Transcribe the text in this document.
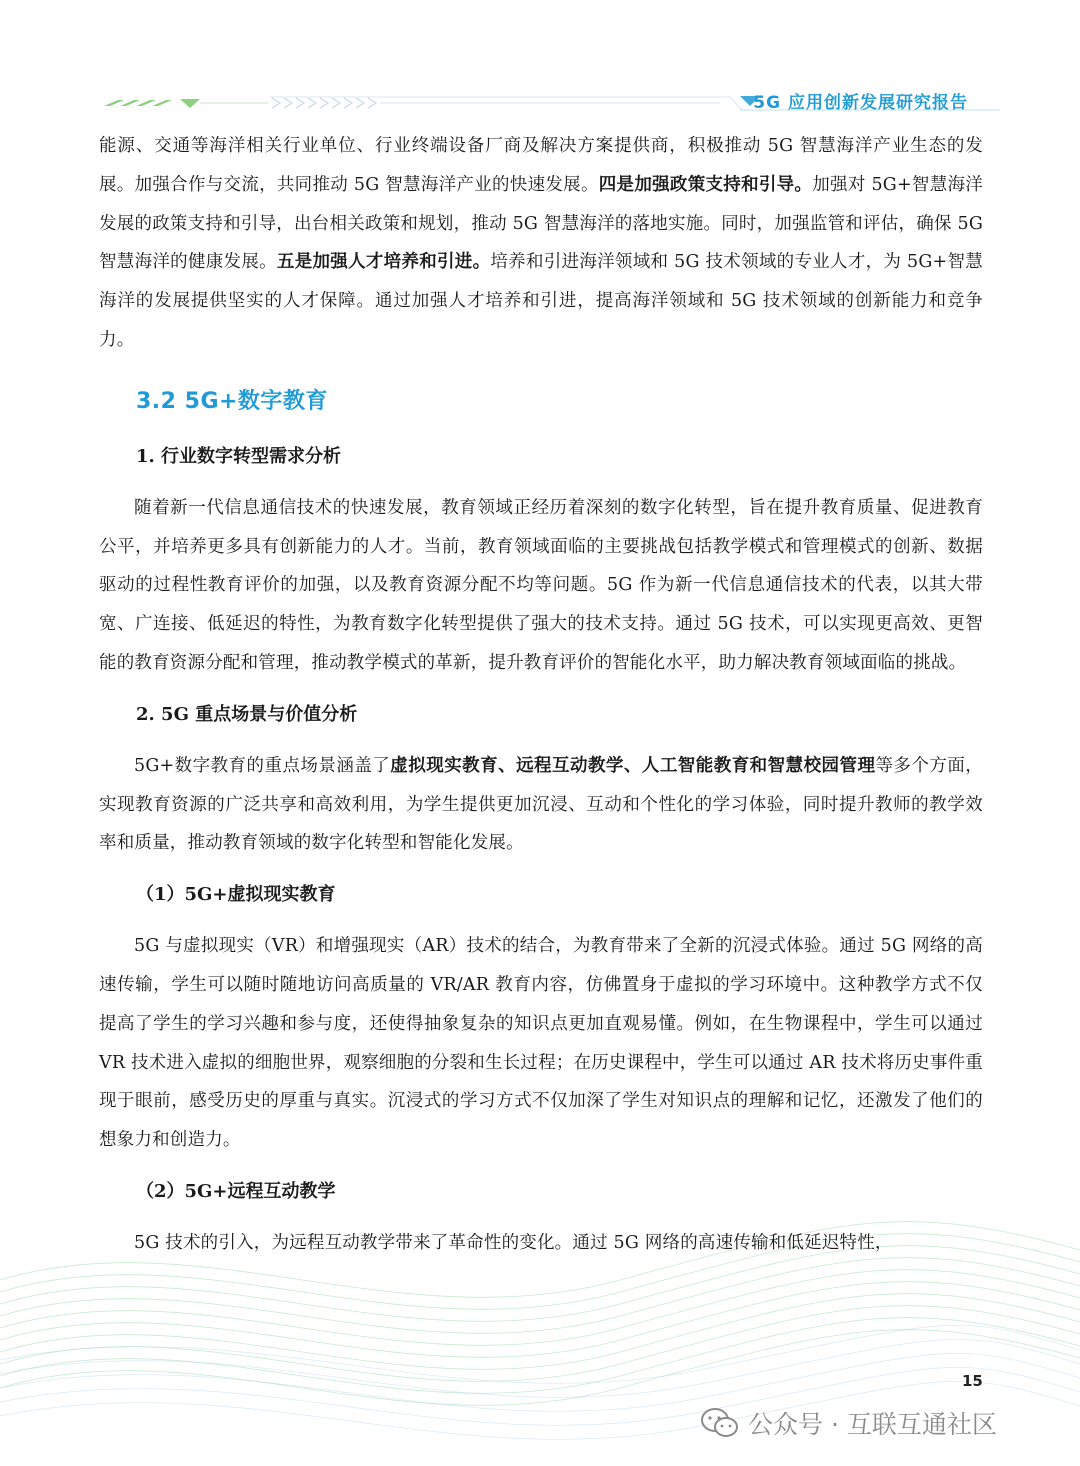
5G 应用创新发展研究报告

能源、交通等海洋相关行业单位、行业终端设备厂商及解决方案提供商，积极推动 5G 智慧海洋产业生态的发展。加强合作与交流，共同推动 5G 智慧海洋产业的快速发展。四是加强政策支持和引导。加强对 5G+智慧海洋发展的政策支持和引导，出台相关政策和规划，推动 5G 智慧海洋的落地实施。同时，加强监管和评估，确保 5G 智慧海洋的健康发展。五是加强人才培养和引进。培养和引进海洋领域和 5G 技术领域的专业人才，为 5G+智慧海洋的发展提供坚实的人才保障。通过加强人才培养和引进，提高海洋领域和 5G 技术领域的创新能力和竞争力。

3.2 5G+数字教育
1. 行业数字转型需求分析

随着新一代信息通信技术的快速发展，教育领域正经历着深刻的数字化转型，旨在提升教育质量、促进教育公平，并培养更多具有创新能力的人才。当前，教育领域面临的主要挑战包括教学模式和管理模式的创新、数据驱动的过程性教育评价的加强，以及教育资源分配不均等问题。5G 作为新一代信息通信技术的代表，以其大带宽、广连接、低延迟的特性，为教育数字化转型提供了强大的技术支持。通过 5G 技术，可以实现更高效、更智能的教育资源分配和管理，推动教学模式的革新，提升教育评价的智能化水平，助力解决教育领域面临的挑战。

2. 5G 重点场景与价值分析

5G+数字教育的重点场景涵盖了虚拟现实教育、远程互动教学、人工智能教育和智慧校园管理等多个方面，实现教育资源的广泛共享和高效利用，为学生提供更加沉浸、互动和个性化的学习体验，同时提升教师的教学效率和质量，推动教育领域的数字化转型和智能化发展。

（1）5G+虚拟现实教育

5G 与虚拟现实（VR）和增强现实（AR）技术的结合，为教育带来了全新的沉浸式体验。通过 5G 网络的高速传输，学生可以随时随地访问高质量的 VR/AR 教育内容，仿佛置身于虚拟的学习环境中。这种教学方式不仅提高了学生的学习兴趣和参与度，还使得抽象复杂的知识点更加直观易懂。例如，在生物课程中，学生可以通过 VR 技术进入虚拟的细胞世界，观察细胞的分裂和生长过程；在历史课程中，学生可以通过 AR 技术将历史事件重现于眼前，感受历史的厚重与真实。沉浸式的学习方式不仅加深了学生对知识点的理解和记忆，还激发了他们的想象力和创造力。

（2）5G+远程互动教学

5G 技术的引入，为远程互动教学带来了革命性的变化。通过 5G 网络的高速传输和低延迟特性，

15
公众号 · 互联互通社区
